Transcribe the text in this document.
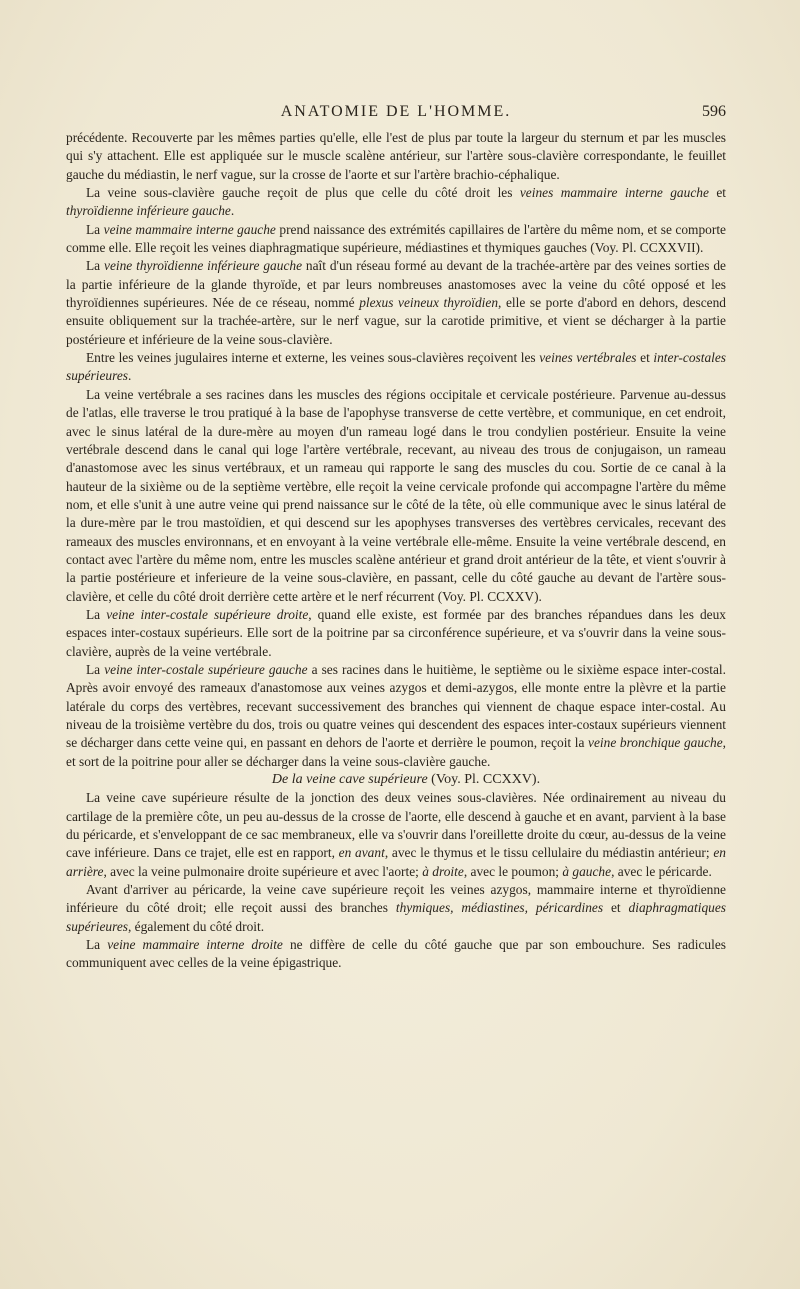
ANATOMIE DE L'HOMME.	596

précédente. Recouverte par les mêmes parties qu'elle, elle l'est de plus par toute la largeur du sternum et par les muscles qui s'y attachent. Elle est appliquée sur le muscle scalène antérieur, sur l'artère sous-clavière correspondante, le feuillet gauche du médiastin, le nerf vague, sur la crosse de l'aorte et sur l'artère brachio-céphalique.

La veine sous-clavière gauche reçoit de plus que celle du côté droit les veines mammaire interne gauche et thyroïdienne inférieure gauche.

La veine mammaire interne gauche prend naissance des extrémités capillaires de l'artère du même nom, et se comporte comme elle. Elle reçoit les veines diaphragmatique supérieure, médiastines et thymiques gauches (Voy. Pl. CCXXVII).

La veine thyroïdienne inférieure gauche naît d'un réseau formé au devant de la trachée-artère par des veines sorties de la partie inférieure de la glande thyroïde, et par leurs nombreuses anastomoses avec la veine du côté opposé et les thyroïdiennes supérieures. Née de ce réseau, nommé plexus veineux thyroïdien, elle se porte d'abord en dehors, descend ensuite obliquement sur la trachée-artère, sur le nerf vague, sur la carotide primitive, et vient se décharger à la partie postérieure et inférieure de la veine sous-clavière.

Entre les veines jugulaires interne et externe, les veines sous-clavières reçoivent les veines vertébrales et inter-costales supérieures.

La veine vertébrale a ses racines dans les muscles des régions occipitale et cervicale postérieure. Parvenue au-dessus de l'atlas, elle traverse le trou pratiqué à la base de l'apophyse transverse de cette vertèbre, et communique, en cet endroit, avec le sinus latéral de la dure-mère au moyen d'un rameau logé dans le trou condylien postérieur. Ensuite la veine vertébrale descend dans le canal qui loge l'artère vertébrale, recevant, au niveau des trous de conjugaison, un rameau d'anastomose avec les sinus vertébraux, et un rameau qui rapporte le sang des muscles du cou. Sortie de ce canal à la hauteur de la sixième ou de la septième vertèbre, elle reçoit la veine cervicale profonde qui accompagne l'artère du même nom, et elle s'unit à une autre veine qui prend naissance sur le côté de la tête, où elle communique avec le sinus latéral de la dure-mère par le trou mastoïdien, et qui descend sur les apophyses transverses des vertèbres cervicales, recevant des rameaux des muscles environnans, et en envoyant à la veine vertébrale elle-même. Ensuite la veine vertébrale descend, en contact avec l'artère du même nom, entre les muscles scalène antérieur et grand droit antérieur de la tête, et vient s'ouvrir à la partie postérieure et inferieure de la veine sous-clavière, en passant, celle du côté gauche au devant de l'artère sous-clavière, et celle du côté droit derrière cette artère et le nerf récurrent (Voy. Pl. CCXXV).

La veine inter-costale supérieure droite, quand elle existe, est formée par des branches répandues dans les deux espaces inter-costaux supérieurs. Elle sort de la poitrine par sa circonférence supérieure, et va s'ouvrir dans la veine sous-clavière, auprès de la veine vertébrale.

La veine inter-costale supérieure gauche a ses racines dans le huitième, le septième ou le sixième espace inter-costal. Après avoir envoyé des rameaux d'anastomose aux veines azygos et demi-azygos, elle monte entre la plèvre et la partie latérale du corps des vertèbres, recevant successivement des branches qui viennent de chaque espace inter-costal. Au niveau de la troisième vertèbre du dos, trois ou quatre veines qui descendent des espaces inter-costaux supérieurs viennent se décharger dans cette veine qui, en passant en dehors de l'aorte et derrière le poumon, reçoit la veine bronchique gauche, et sort de la poitrine pour aller se décharger dans la veine sous-clavière gauche.

De la veine cave supérieure (Voy. Pl. CCXXV).

La veine cave supérieure résulte de la jonction des deux veines sous-clavières. Née ordinairement au niveau du cartilage de la première côte, un peu au-dessus de la crosse de l'aorte, elle descend à gauche et en avant, parvient à la base du péricarde, et s'enveloppant de ce sac membraneux, elle va s'ouvrir dans l'oreillette droite du cœur, au-dessus de la veine cave inférieure. Dans ce trajet, elle est en rapport, en avant, avec le thymus et le tissu cellulaire du médiastin antérieur; en arrière, avec la veine pulmonaire droite supérieure et avec l'aorte; à droite, avec le poumon; à gauche, avec le péricarde.

Avant d'arriver au péricarde, la veine cave supérieure reçoit les veines azygos, mammaire interne et thyroïdienne inférieure du côté droit; elle reçoit aussi des branches thymiques, médiastines, péricardines et diaphragmatiques supérieures, également du côté droit.

La veine mammaire interne droite ne diffère de celle du côté gauche que par son embouchure. Ses radicules communiquent avec celles de la veine épigastrique.
